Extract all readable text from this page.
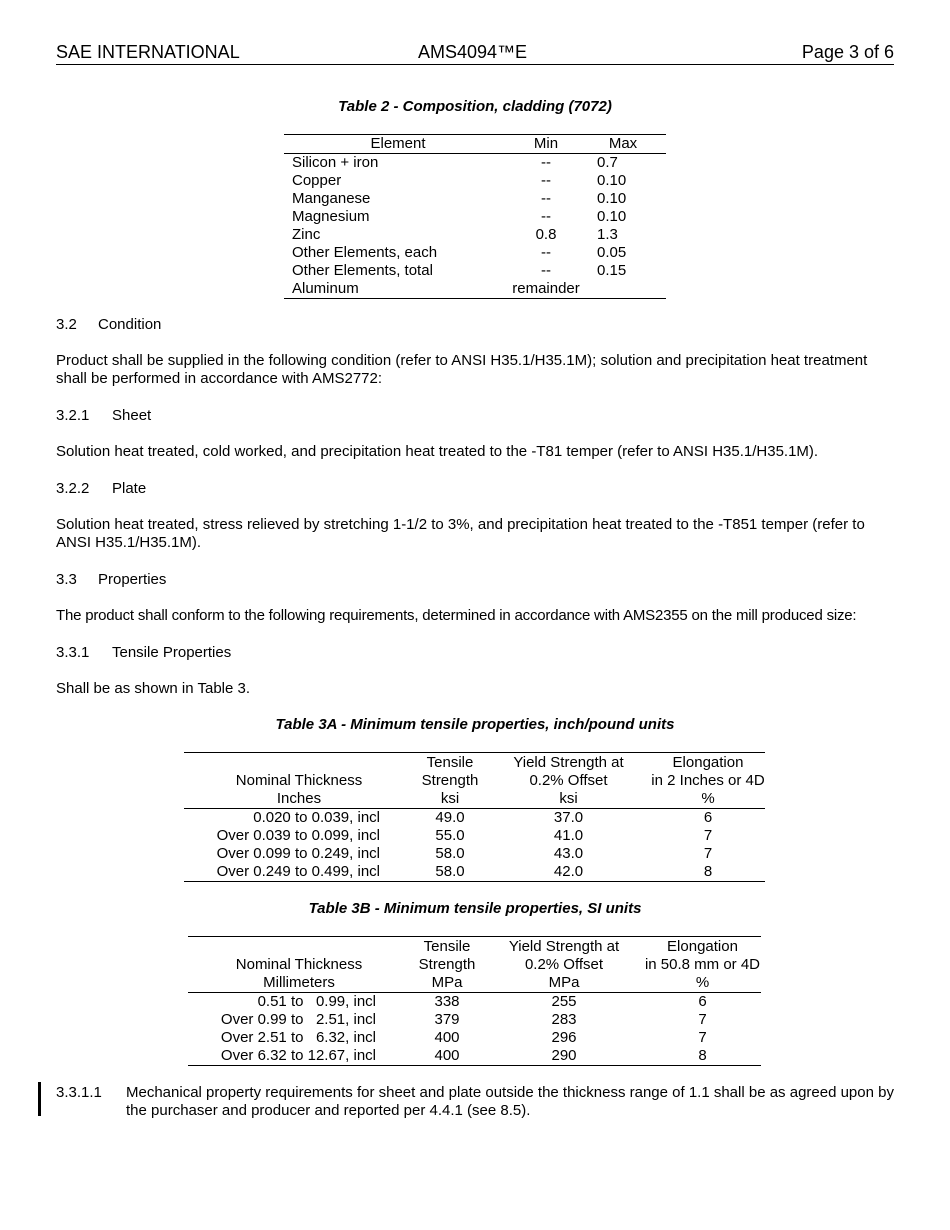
SAE INTERNATIONAL	AMS4094™E	Page 3 of 6
Table 2 - Composition, cladding (7072)
Element	Min	Max
Silicon + iron	--	0.7
Copper	--	0.10
Manganese	--	0.10
Magnesium	--	0.10
Zinc	0.8	1.3
Other Elements, each	--	0.05
Other Elements, total	--	0.15
Aluminum	remainder	
3.2 Condition
Product shall be supplied in the following condition (refer to ANSI H35.1/H35.1M); solution and precipitation heat treatment shall be performed in accordance with AMS2772:
3.2.1 Sheet
Solution heat treated, cold worked, and precipitation heat treated to the -T81 temper (refer to ANSI H35.1/H35.1M).
3.2.2 Plate
Solution heat treated, stress relieved by stretching 1-1/2 to 3%, and precipitation heat treated to the -T851 temper (refer to ANSI H35.1/H35.1M).
3.3 Properties
The product shall conform to the following requirements, determined in accordance with AMS2355 on the mill produced size:
3.3.1 Tensile Properties
Shall be as shown in Table 3.
Table 3A - Minimum tensile properties, inch/pound units
	Tensile	Yield Strength at	Elongation
Nominal Thickness	Strength	0.2% Offset	in 2 Inches or 4D
Inches	ksi	ksi	%
0.020 to 0.039, incl	49.0	37.0	6
Over 0.039 to 0.099, incl	55.0	41.0	7
Over 0.099 to 0.249, incl	58.0	43.0	7
Over 0.249 to 0.499, incl	58.0	42.0	8
Table 3B - Minimum tensile properties, SI units
	Tensile	Yield Strength at	Elongation
Nominal Thickness	Strength	0.2% Offset	in 50.8 mm or 4D
Millimeters	MPa	MPa	%
0.51 to   0.99, incl	338	255	6
Over 0.99 to   2.51, incl	379	283	7
Over 2.51 to   6.32, incl	400	296	7
Over 6.32 to 12.67, incl	400	290	8
3.3.1.1 Mechanical property requirements for sheet and plate outside the thickness range of 1.1 shall be as agreed upon by the purchaser and producer and reported per 4.4.1 (see 8.5).
